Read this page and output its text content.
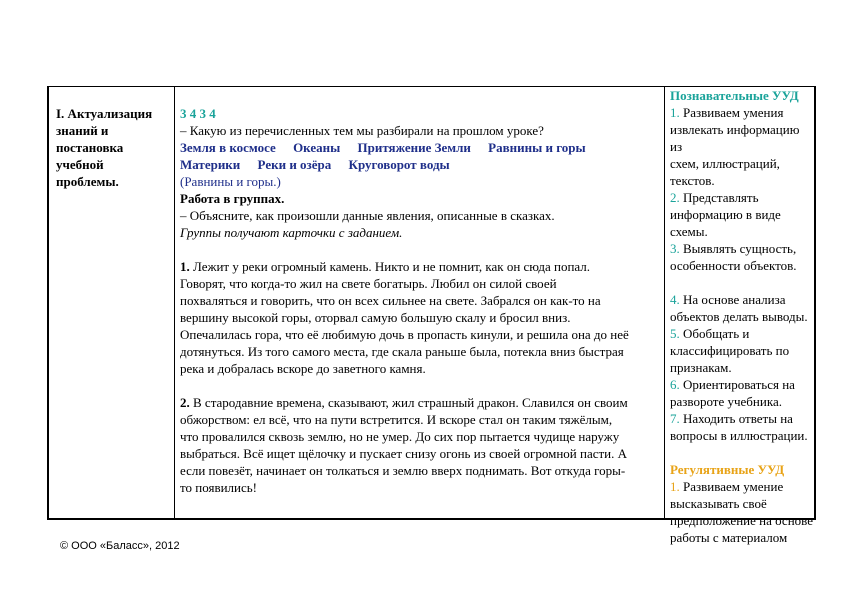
I. Актуализация
знаний и
постановка
учебной
проблемы.
3 4 3 4
– Какую из перечисленных тем мы разбирали на прошлом уроке?
Земля в космосе Океаны Притяжение Земли Равнины и горы
Материки Реки и озёра Круговорот воды
(Равнины и горы.)
Работа в группах.
– Объясните, как произошли данные явления, описанные в сказках.
Группы получают карточки с заданием.
1. Лежит у реки огромный камень. Никто и не помнит, как он сюда попал.
Говорят, что когда-то жил на свете богатырь. Любил он силой своей
похваляться и говорить, что он всех сильнее на свете. Забрался он как-то на
вершину высокой горы, оторвал самую большую скалу и бросил вниз.
Опечалилась гора, что её любимую дочь в пропасть кинули, и решила она до неё
дотянуться. Из того самого места, где скала раньше была, потекла вниз быстрая
река и добралась вскоре до заветного камня.
2. В стародавние времена, сказывают, жил страшный дракон. Славился он своим
обжорством: ел всё, что на пути встретится. И вскоре стал он таким тяжёлым,
что провалился сквозь землю, но не умер. До сих пор пытается чудище наружу
выбраться. Всё ищет щёлочку и пускает снизу огонь из своей огромной пасти. А
если повезёт, начинает он толкаться и землю вверх поднимать. Вот откуда горы-
то появились!
Познавательные УУД
1. Развиваем умения
извлекать информацию из
схем, иллюстраций,
текстов.
2. Представлять
информацию в виде схемы.
3. Выявлять сущность,
особенности объектов.
4. На основе анализа
объектов делать выводы.
5. Обобщать и
классифицировать по
признакам.
6. Ориентироваться на
развороте учебника.
7. Находить ответы на
вопросы в иллюстрации.
Регулятивные УУД
1. Развиваем умение
высказывать своё
предположение на основе
работы с материалом
© ООО «Баласс», 2012
